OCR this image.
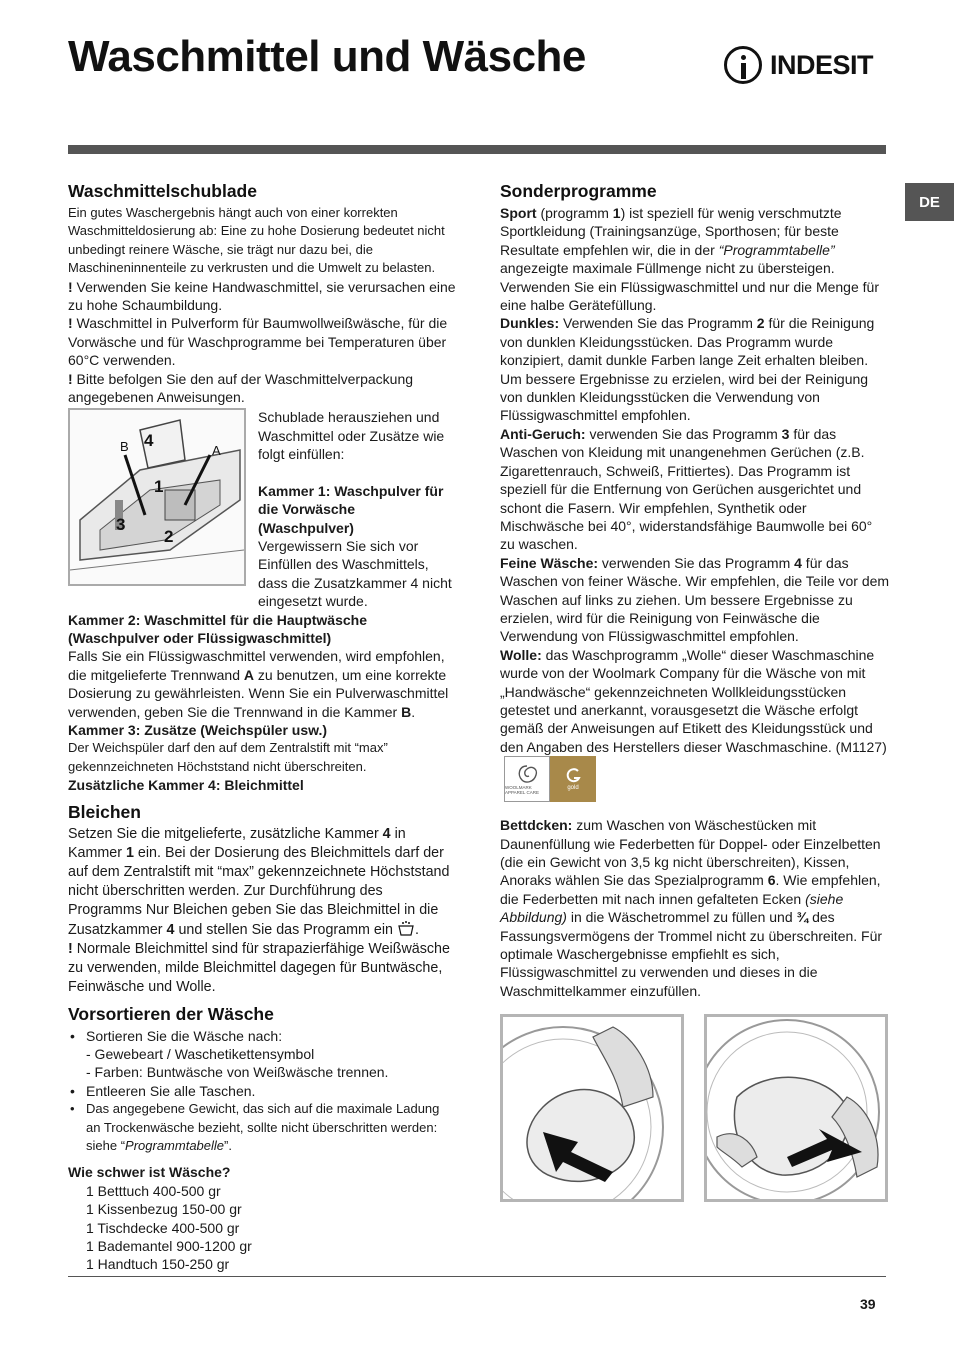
Waschmittel und Wäsche	INDESIT
DE
Waschmittelschublade

Ein gutes Waschergebnis hängt auch von einer korrekten Waschmitteldosierung ab: Eine zu hohe Dosierung bedeutet nicht unbedingt reinere Wäsche, sie trägt nur dazu bei, die Maschineninnenteile zu verkrusten und die Umwelt zu belasten.

! Verwenden Sie keine Handwaschmittel, sie verursachen eine zu hohe Schaumbildung.

! Waschmittel in Pulverform für Baumwollweißwäsche, für die Vorwäsche und für Waschprogramme bei Temperaturen über 60°C verwenden.

! Bitte befolgen Sie den auf der Waschmittelverpackung angegebenen Anweisungen.

B 4
A
1
3
2

Schublade herausziehen und Waschmittel oder Zusätze wie folgt einfüllen:

Kammer 1: Waschpulver für die Vorwäsche (Waschpulver)

Vergewissern Sie sich vor Einfüllen des Waschmittels, dass die Zusatzkammer 4 nicht eingesetzt wurde.

Kammer 2: Waschmittel für die Hauptwäsche (Waschpulver oder Flüssigwaschmittel)

Falls Sie ein Flüssigwaschmittel verwenden, wird empfohlen, die mitgelieferte Trennwand A zu benutzen, um eine korrekte Dosierung zu gewährleisten. Wenn Sie ein Pulverwaschmittel verwenden, geben Sie die Trennwand in die Kammer B.

Kammer 3: Zusätze (Weichspüler usw.)

Der Weichspüler darf den auf dem Zentralstift mit “max” gekennzeichneten Höchststand nicht überschreiten.

Zusätzliche Kammer 4: Bleichmittel

Bleichen

Setzen Sie die mitgelieferte, zusätzliche Kammer 4 in Kammer 1 ein. Bei der Dosierung des Bleichmittels darf der auf dem Zentralstift mit “max” gekennzeichnete Höchststand nicht überschritten werden. Zur Durchführung des Programms Nur Bleichen geben Sie das Bleichmittel in die Zusatzkammer 4 und stellen Sie das Programm ein .

! Normale Bleichmittel sind für strapazierfähige Weißwäsche zu verwenden, milde Bleichmittel dagegen für Buntwäsche, Feinwäsche und Wolle.

Vorsortieren der Wäsche
• Sortieren Sie die Wäsche nach:
- Gewebeart / Waschetikettensymbol
- Farben: Buntwäsche von Weißwäsche trennen.
• Entleeren Sie alle Taschen.
• Das angegebene Gewicht, das sich auf die maximale Ladung an Trockenwäsche bezieht, sollte nicht überschritten werden: siehe “Programmtabelle”.

Wie schwer ist Wäsche?

1 Betttuch 400-500 gr
1 Kissenbezug 150-00 gr
1 Tischdecke 400-500 gr
1 Bademantel 900-1200 gr
1 Handtuch 150-250 gr
Sonderprogramme

Sport (programm 1) ist speziell für wenig verschmutzte Sportkleidung (Trainingsanzüge, Sporthosen; für beste Resultate empfehlen wir, die in der “Programmtabelle” angezeigte maximale Füllmenge nicht zu übersteigen. Verwenden Sie ein Flüssigwaschmittel und nur die Menge für eine halbe Gerätefüllung.

Dunkles: Verwenden Sie das Programm 2 für die Reinigung von dunklen Kleidungsstücken. Das Programm wurde konzipiert, damit dunkle Farben lange Zeit erhalten bleiben. Um bessere Ergebnisse zu erzielen, wird bei der Reinigung von dunklen Kleidungsstücken die Verwendung von Flüssigwaschmittel empfohlen.

Anti-Geruch: verwenden Sie das Programm 3 für das Waschen von Kleidung mit unangenehmen Gerüchen (z.B. Zigarettenrauch, Schweiß, Frittiertes). Das Programm ist speziell für die Entfernung von Gerüchen ausgerichtet und schont die Fasern. Wir empfehlen, Synthetik oder Mischwäsche bei 40°, widerstandsfähige Baumwolle bei 60° zu waschen.

Feine Wäsche: verwenden Sie das Programm 4 für das Waschen von feiner Wäsche. Wir empfehlen, die Teile vor dem Waschen auf links zu ziehen. Um bessere Ergebnisse zu erzielen, wird für die Reinigung von Feinwäsche die Verwendung von Flüssigwaschmittel empfohlen.

Wolle: das Waschprogramm „Wolle“ dieser Waschmaschine wurde von der Woolmark Company für die Wäsche von mit „Handwäsche“ gekennzeichneten Wollkleidungsstücken getestet und anerkannt, vorausgesetzt die Wäsche erfolgt gemäß der Anweisungen auf Etikett des Kleidungsstück und den Angaben des Herstellers dieser Waschmaschine. (M1127)
WOOLMARK APPAREL CARE
gold

Bettdcken: zum Waschen von Wäschestücken mit Daunenfüllung wie Federbetten für Doppel- oder Einzelbetten (die ein Gewicht von 3,5 kg nicht überschreiten), Kissen, Anoraks wählen Sie das Spezialprogramm 6. Wie empfehlen, die Federbetten mit nach innen gefalteten Ecken (siehe Abbildung) in die Wäschetrommel zu füllen und ¾ des Fassungsvermögens der Trommel nicht zu überschreiten. Für optimale Waschergebnisse empfiehlt es sich, Flüssigwaschmittel zu verwenden und dieses in die Waschmittelkammer einzufüllen.

39
